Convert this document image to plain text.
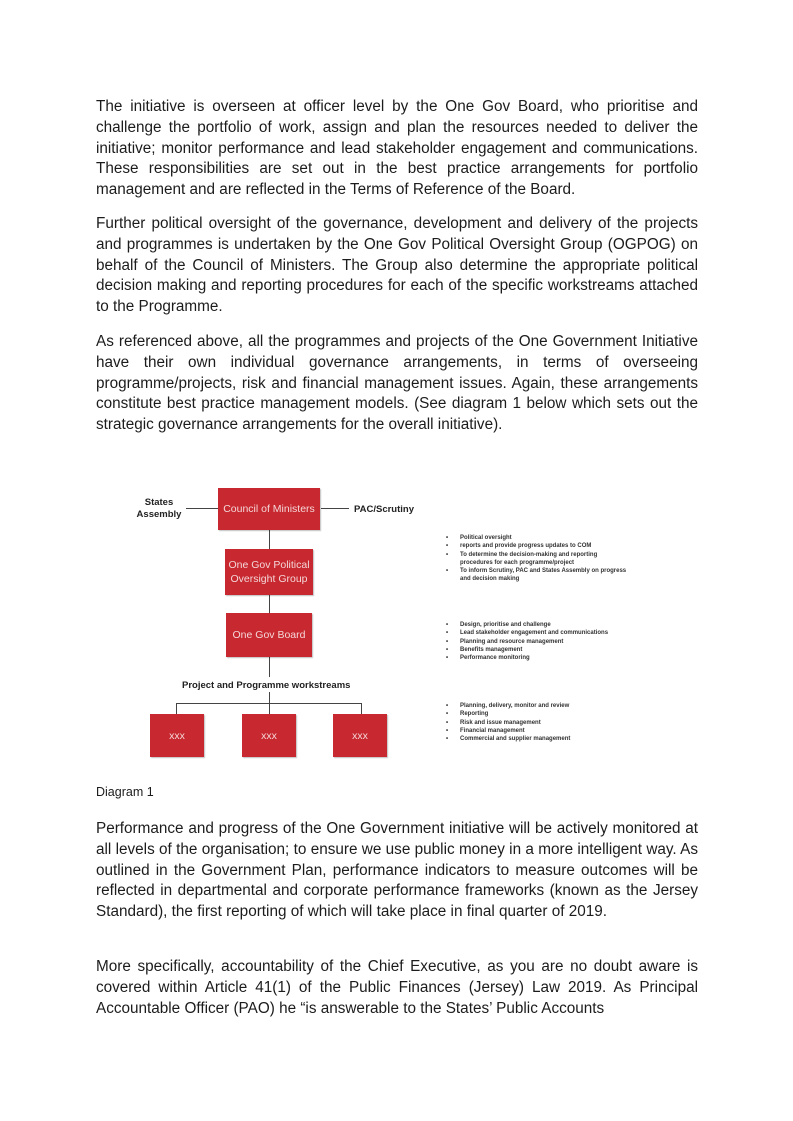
The initiative is overseen at officer level by the One Gov Board, who prioritise and challenge the portfolio of work, assign and plan the resources needed to deliver the initiative; monitor performance and lead stakeholder engagement and communications. These responsibilities are set out in the best practice arrangements for portfolio management and are reflected in the Terms of Reference of the Board.

Further political oversight of the governance, development and delivery of the projects and programmes is undertaken by the One Gov Political Oversight Group (OGPOG) on behalf of the Council of Ministers. The Group also determine the appropriate political decision making and reporting procedures for each of the specific workstreams attached to the Programme.

As referenced above, all the programmes and projects of the One Government Initiative have their own individual governance arrangements, in terms of overseeing programme/projects, risk and financial management issues. Again, these arrangements constitute best practice management models. (See diagram 1 below which sets out the strategic governance arrangements for the overall initiative).

States
Assembly	PAC/Scrutiny
Council of Ministers
One Gov Political
Oversight Group
One Gov Board
Project and Programme workstreams
xxx	xxx	xxx
• Political oversight
• reports and provide progress updates to COM
• To determine the decision-making and reporting
procedures for each programme/project
• To inform Scrutiny, PAC and States Assembly on progress
and decision making
• Design, prioritise and challenge
• Lead stakeholder engagement and communications
• Planning and resource management
• Benefits management
• Performance monitoring
• Planning, delivery, monitor and review
• Reporting
• Risk and issue management
• Financial management
• Commercial and supplier management
Diagram 1

Performance and progress of the One Government initiative will be actively monitored at all levels of the organisation; to ensure we use public money in a more intelligent way. As outlined in the Government Plan, performance indicators to measure outcomes will be reflected in departmental and corporate performance frameworks (known as the Jersey Standard), the first reporting of which will take place in final quarter of 2019.

More specifically, accountability of the Chief Executive, as you are no doubt aware is covered within Article 41(1) of the Public Finances (Jersey) Law 2019. As Principal Accountable Officer (PAO) he “is answerable to the States’ Public Accounts
